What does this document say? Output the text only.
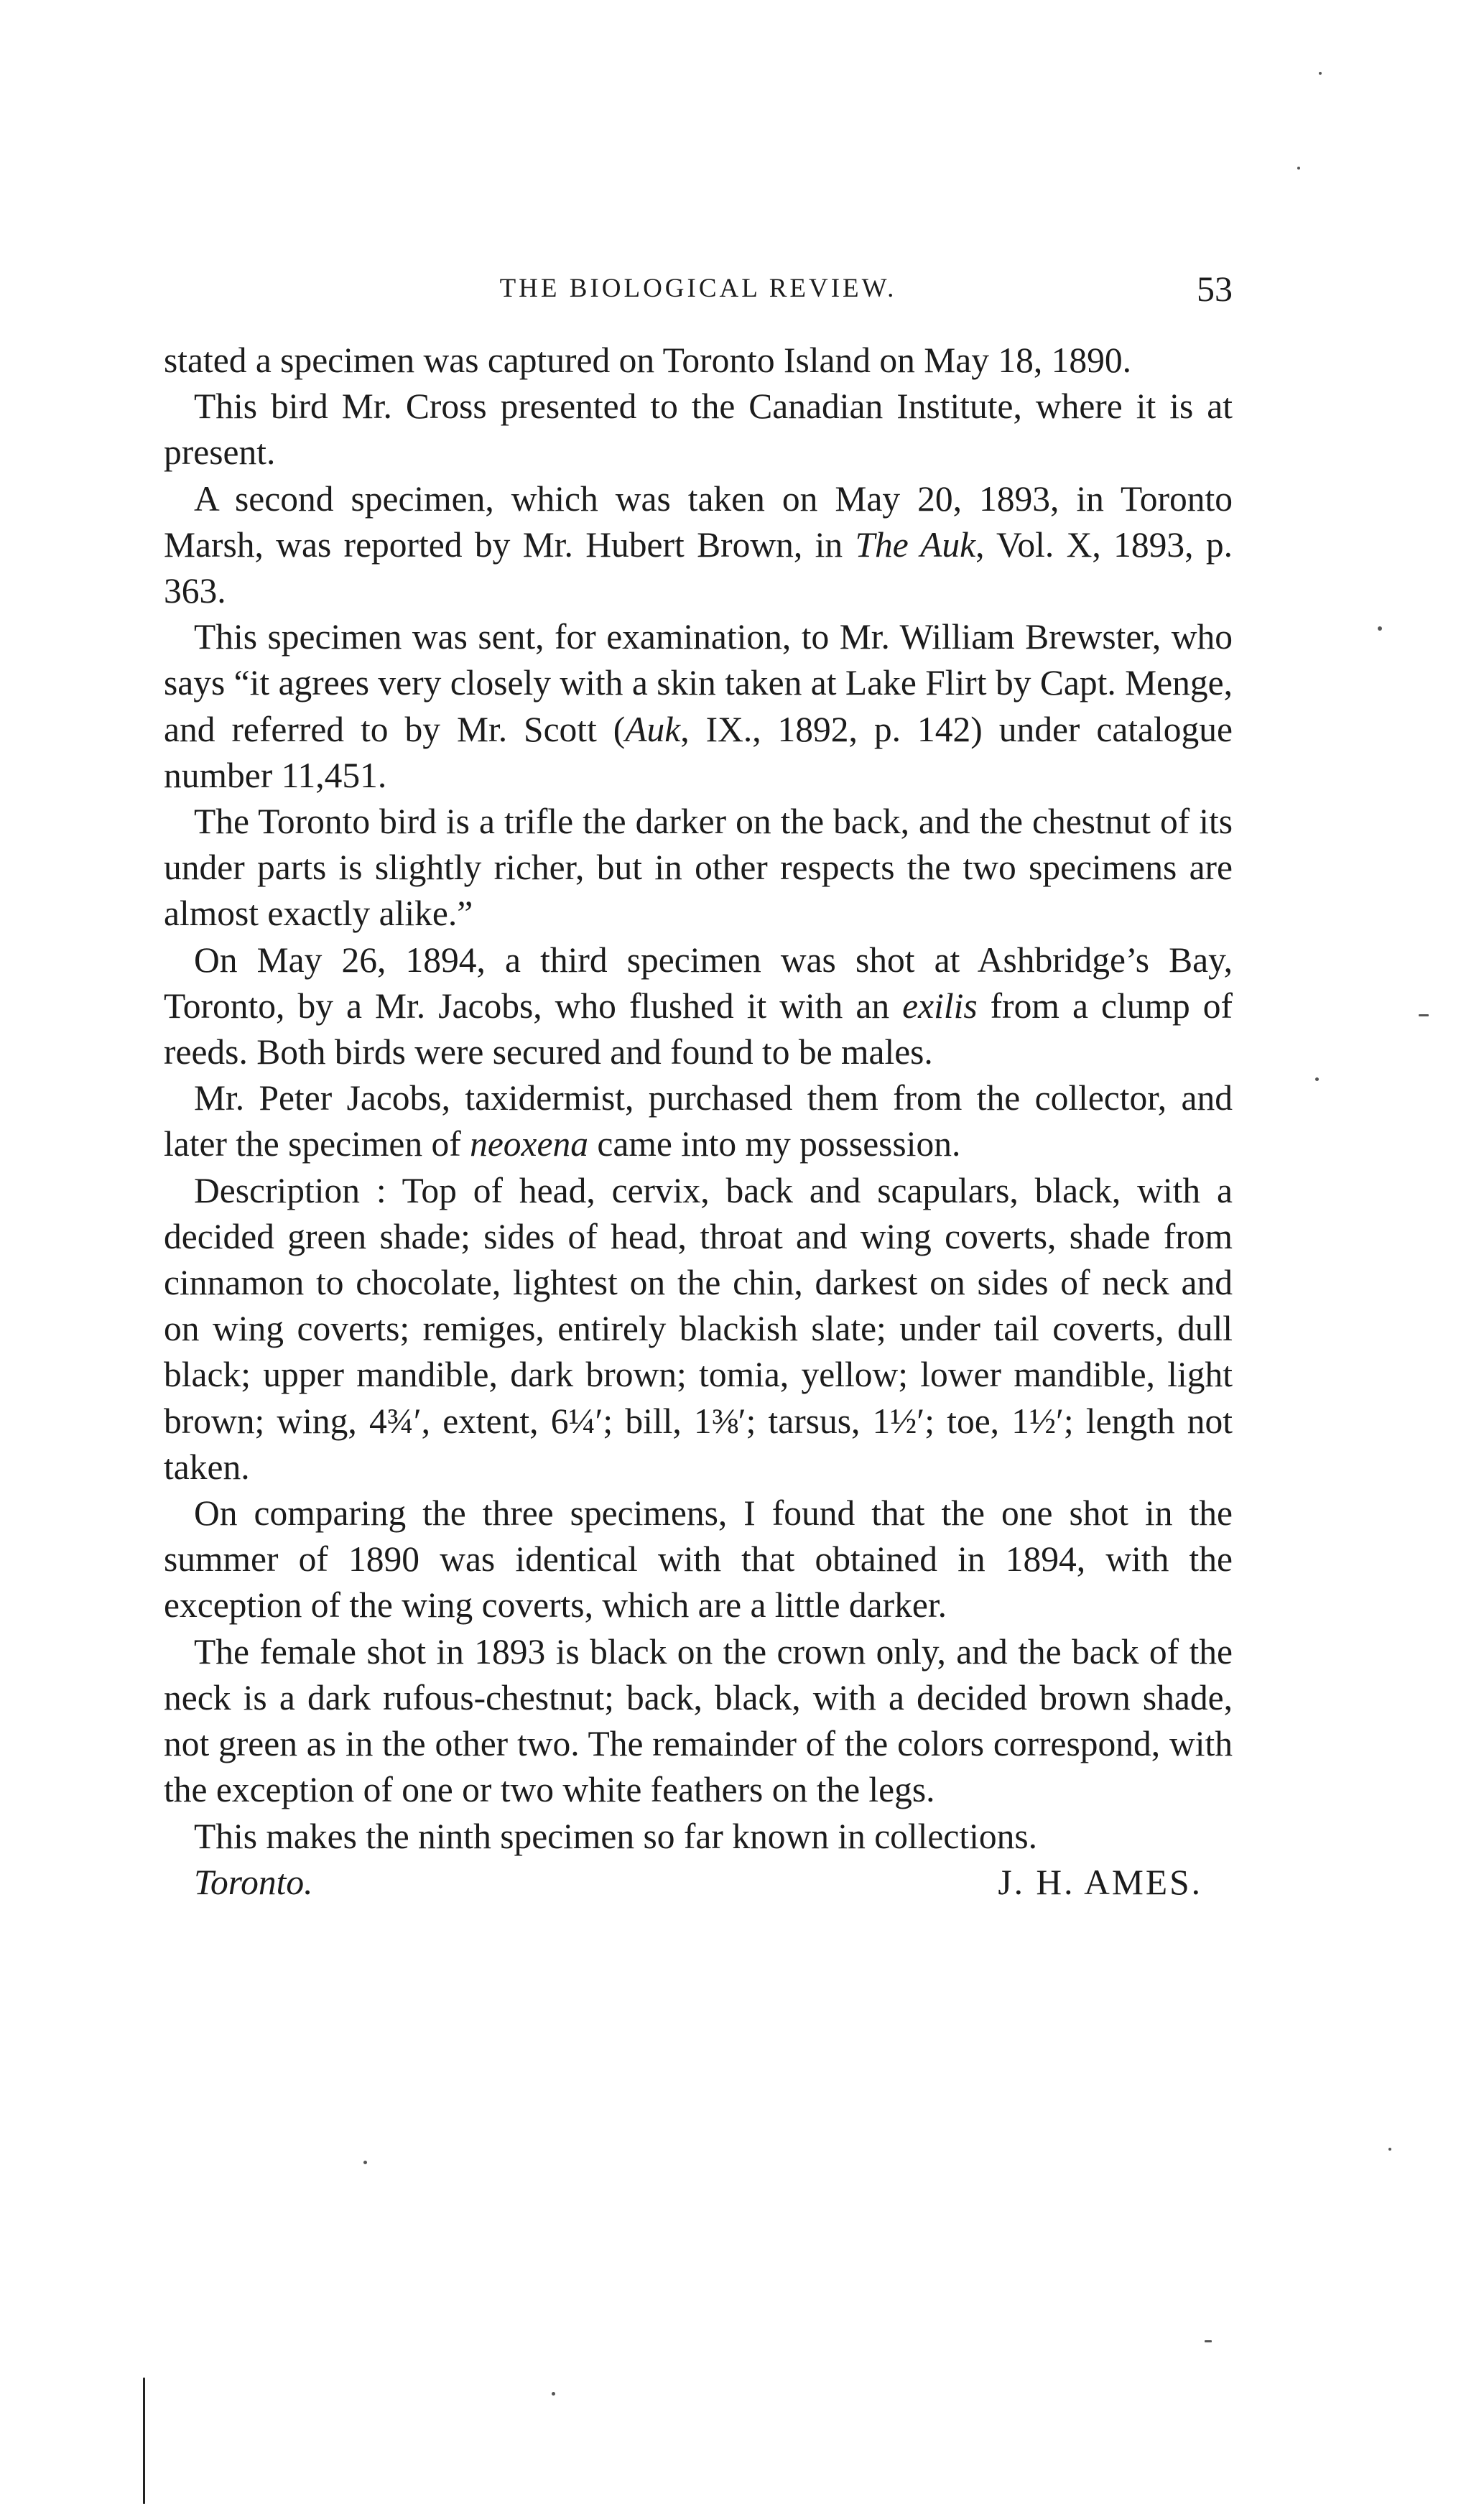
THE BIOLOGICAL REVIEW.	53

stated a specimen was captured on Toronto Island on May 18, 1890.

This bird Mr. Cross presented to the Canadian Institute, where it is at present.

A second specimen, which was taken on May 20, 1893, in Toronto Marsh, was reported by Mr. Hubert Brown, in The Auk, Vol. X, 1893, p. 363.

This specimen was sent, for examination, to Mr. William Brewster, who says “it agrees very closely with a skin taken at Lake Flirt by Capt. Menge, and referred to by Mr. Scott (Auk, IX., 1892, p. 142) under catalogue number 11,451.

The Toronto bird is a trifle the darker on the back, and the chestnut of its under parts is slightly richer, but in other respects the two specimens are almost exactly alike.”

On May 26, 1894, a third specimen was shot at Ashbridge’s Bay, Toronto, by a Mr. Jacobs, who flushed it with an exilis from a clump of reeds. Both birds were secured and found to be males.

Mr. Peter Jacobs, taxidermist, purchased them from the collector, and later the specimen of neoxena came into my possession.

Description : Top of head, cervix, back and scapulars, black, with a decided green shade; sides of head, throat and wing coverts, shade from cinnamon to chocolate, lightest on the chin, darkest on sides of neck and on wing coverts; remiges, entirely blackish slate; under tail coverts, dull black; upper mandible, dark brown; tomia, yellow; lower mandible, light brown; wing, 4¾′, extent, 6¼′; bill, 1⅜′; tarsus, 1½′; toe, 1½′; length not taken.

On comparing the three specimens, I found that the one shot in the summer of 1890 was identical with that obtained in 1894, with the exception of the wing coverts, which are a little darker.

The female shot in 1893 is black on the crown only, and the back of the neck is a dark rufous-chestnut; back, black, with a decided brown shade, not green as in the other two. The remainder of the colors correspond, with the exception of one or two white feathers on the legs.

This makes the ninth specimen so far known in collections.

Toronto.	J. H. AMES.
